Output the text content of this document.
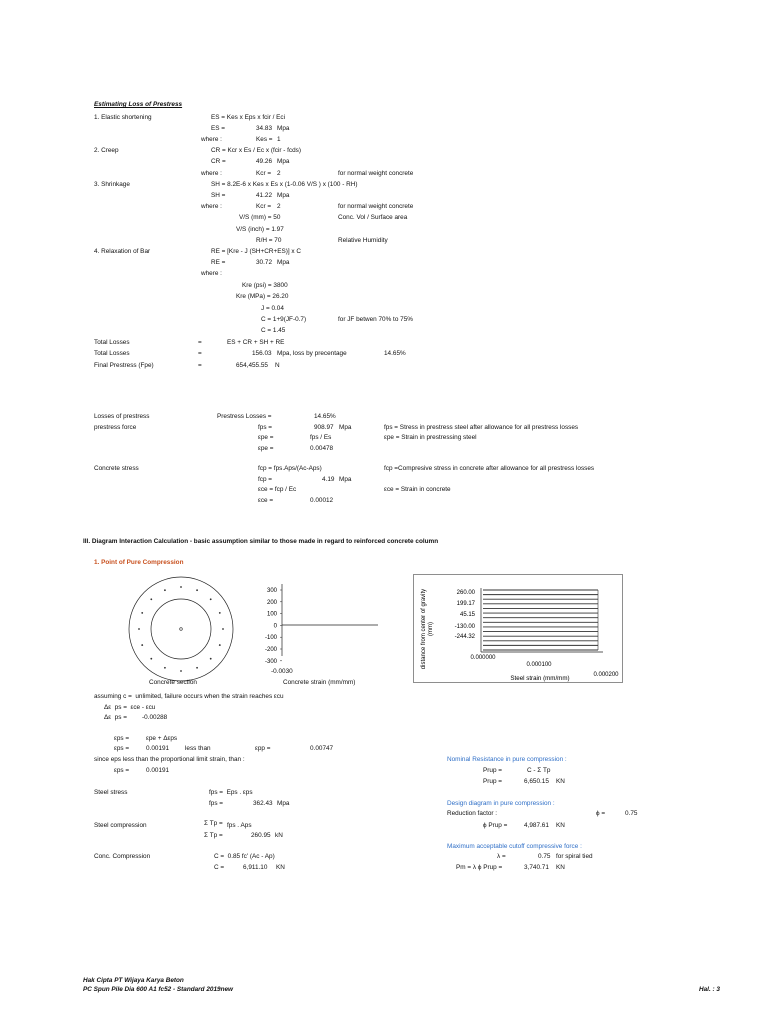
Estimating Loss of Prestress
1. Elastic shortening	ES = Kes x Eps x fcir / Eci
ES =	34.83 Mpa
where :	Kes = 1
2. Creep	CR = Kcr x Es / Ec x (fcir - fcds)
CR =	49.26 Mpa
where :	Kcr = 2	for normal weight concrete
3. Shrinkage	SH = 8.2E-6 x Kes x Es x (1-0.06 V/S ) x (100 - RH)
SH =	41.22 Mpa
where :	Kcr = 2	for normal weight concrete
V/S (mm) = 50	Conc. Vol / Surface area
V/S (inch) = 1.97
R/H = 70	Relative Humidity
4. Relaxation of Bar	RE = [Kre - J (SH+CR+ES)] x C
RE =	30.72 Mpa
where :
Kre (psi) = 3800
Kre (MPa) = 26.20
J = 0.04
C = 1+9(JF-0.7)	for JF betwen 70% to 75%
C = 1.45
Total Losses	=	ES + CR + SH + RE
Total Losses	=	156.03 Mpa, loss by precentage	14.65%
Final Prestress (Fpe)	=	654,455.55 N
Losses of prestress	Prestress Losses =	14.65%
prestress force	fps =	908.97 Mpa	fps = Stress in prestress steel after allowance for all prestress losses
εpe =	fps / Es	εpe = Strain in prestressing steel
εpe =	0.00478
Concrete stress	fcp = fps.Aps/(Ac-Aps)	fcp =Compresive stress in concrete after allowance for all prestress losses
fcp =	4.19 Mpa
εce = fcp / Ec	εce = Strain in concrete
εce =	0.00012
III. Diagram Interaction Calculation - basic assumption similar to those made in regard to reinforced concrete column
1. Point of Pure Compression
Concrete section
300
200
100
0
-100
-200
-300
-0.0030
Concrete strain (mm/mm)
260.00
199.17
45.15
-130.00
-244.32
0.000000
0.000100
0.000200
distance from center of gravity (mm)
Steel strain (mm/mm)
assuming c =  unlimited, failure occurs when the strain reaches εcu
Δε  ps =  εce - εcu
Δε  ps = -0.00288
εps =	εpe + Δεps
εps =	0.00191 less than	εpp =	0.00747
since eps less than the proportional limit strain, than :
εps =	0.00191
Steel stress	fps =  Eps . εps
fps =	362.43 Mpa
Steel compression	Σ Tp = fps . Aps
Σ Tp =	260.95 kN
Conc. Compression	C =  0.85 fc' (Ac - Ap)
C =	6,911.10 KN
Nominal Resistance in pure compression :
Prup =	C - Σ Tp
Prup =	6,650.15 KN
Design diagram in pure compression :
Reduction factor :	ϕ =	0.75
ϕ Prup =	4,987.61 KN
Maximum acceptable cutoff compressive force :
λ =	0.75 for spiral tied
Pm = λ ϕ Prup =	3,740.71 KN
Hak Cipta PT Wijaya Karya Beton
PC Spun Pile Dia 600 A1 fc52 - Standard 2019new	Hal. : 3
